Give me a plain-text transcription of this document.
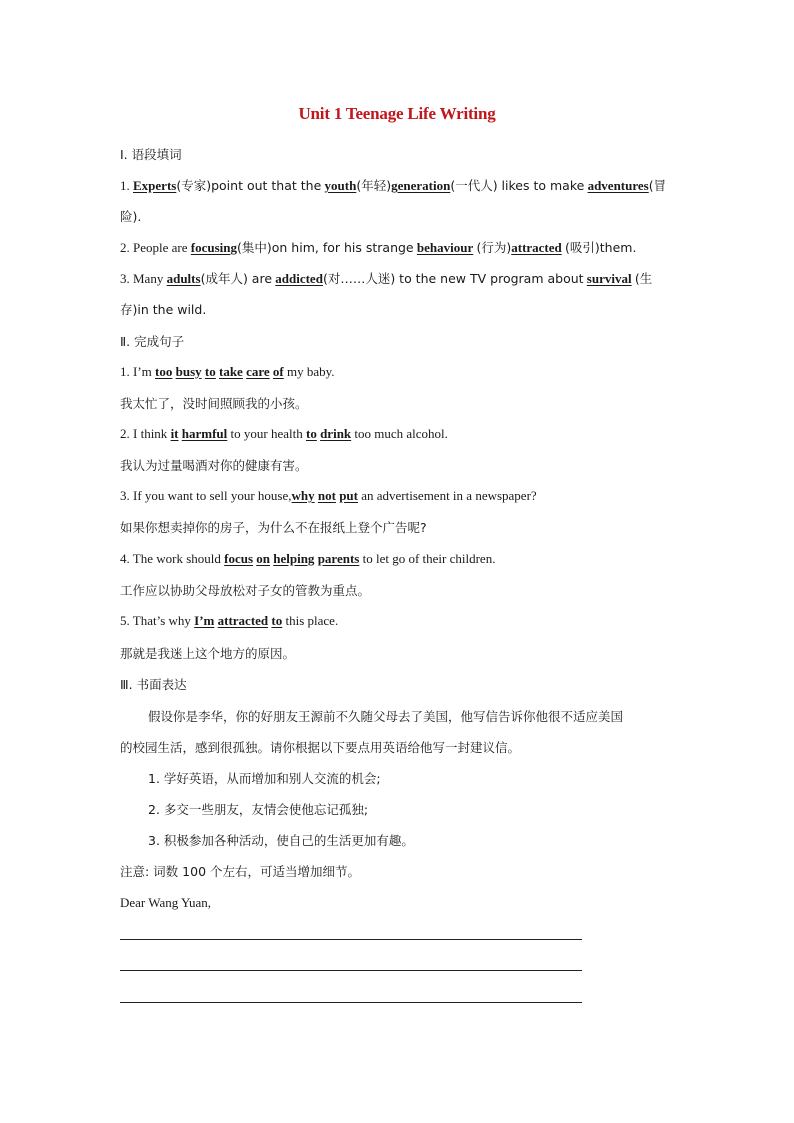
Unit 1 Teenage Life Writing
Ⅰ. 语段填词
1. Experts(专家)point out that the youth(年轻)generation(一代人) likes to make adventures(冒
险).
2. People are focusing(集中)on him, for his strange behaviour (行为)attracted (吸引)them.
3. Many adults(成年人) are addicted(对……人迷) to the new TV program about survival (生
存)in the wild.
Ⅱ. 完成句子
1. I’m too busy to take care of my baby.
我太忙了，没时间照顾我的小孩。
2. I think it harmful to your health to drink too much alcohol.
我认为过量喝酒对你的健康有害。
3. If you want to sell your house,why not put an advertisement in a newspaper?
如果你想卖掉你的房子，为什么不在报纸上登个广告呢?
4. The work should focus on helping parents to let go of their children.
工作应以协助父母放松对子女的管教为重点。
5. That’s why I’m attracted to this place.
那就是我迷上这个地方的原因。
Ⅲ. 书面表达
假设你是李华，你的好朋友王源前不久随父母去了美国，他写信告诉你他很不适应美国
的校园生活，感到很孤独。请你根据以下要点用英语给他写一封建议信。
1. 学好英语，从而增加和别人交流的机会;
2. 多交一些朋友，友情会使他忘记孤独;
3. 积极参加各种活动，使自己的生活更加有趣。
注意: 词数 100 个左右，可适当增加细节。
Dear Wang Yuan,
